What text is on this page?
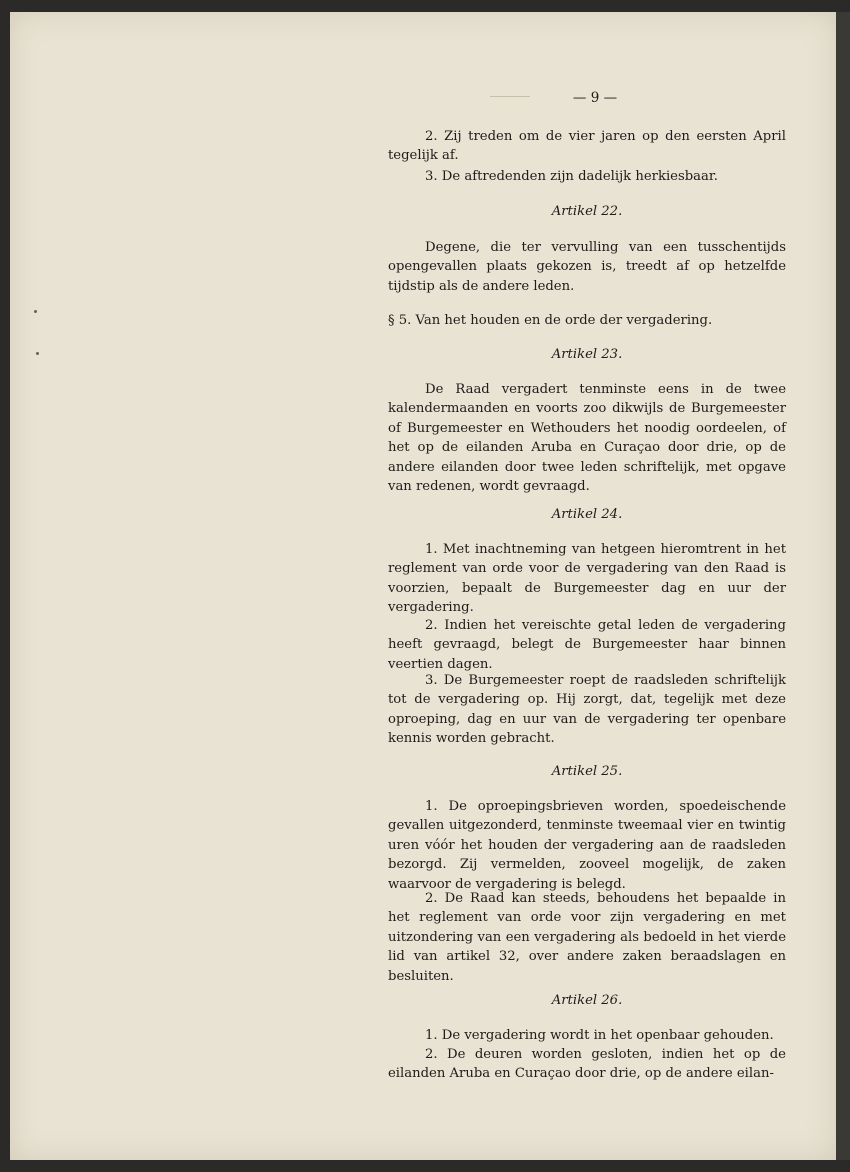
— 9 —

2. Zij treden om de vier jaren op den eersten April tegelijk af.

3. De aftredenden zijn dadelijk herkiesbaar.

Artikel 22.

Degene, die ter vervulling van een tusschentijds opengevallen plaats gekozen is, treedt af op hetzelfde tijdstip als de andere leden.

§ 5. Van het houden en de orde der vergadering.

Artikel 23.

De Raad vergadert tenminste eens in de twee kalendermaanden en voorts zoo dikwijls de Burgemeester of Burgemeester en Wethouders het noodig oordeelen, of het op de eilanden Aruba en Curaçao door drie, op de andere eilanden door twee leden schriftelijk, met opgave van redenen, wordt gevraagd.

Artikel 24.

1. Met inachtneming van hetgeen hieromtrent in het reglement van orde voor de vergadering van den Raad is voorzien, bepaalt de Burgemeester dag en uur der vergadering.

2. Indien het vereischte getal leden de vergadering heeft gevraagd, belegt de Burgemeester haar binnen veertien dagen.

3. De Burgemeester roept de raadsleden schriftelijk tot de vergadering op. Hij zorgt, dat, tegelijk met deze oproeping, dag en uur van de vergadering ter openbare kennis worden gebracht.

Artikel 25.

1. De oproepingsbrieven worden, spoedeischende gevallen uitgezonderd, tenminste tweemaal vier en twintig uren vóór het houden der vergadering aan de raadsleden bezorgd. Zij vermelden, zooveel mogelijk, de zaken waarvoor de vergadering is belegd.

2. De Raad kan steeds, behoudens het bepaalde in het reglement van orde voor zijn vergadering en met uitzondering van een vergadering als bedoeld in het vierde lid van artikel 32, over andere zaken beraadslagen en besluiten.

Artikel 26.

1. De vergadering wordt in het openbaar gehouden.

2. De deuren worden gesloten, indien het op de eilanden Aruba en Curaçao door drie, op de andere eilan-
